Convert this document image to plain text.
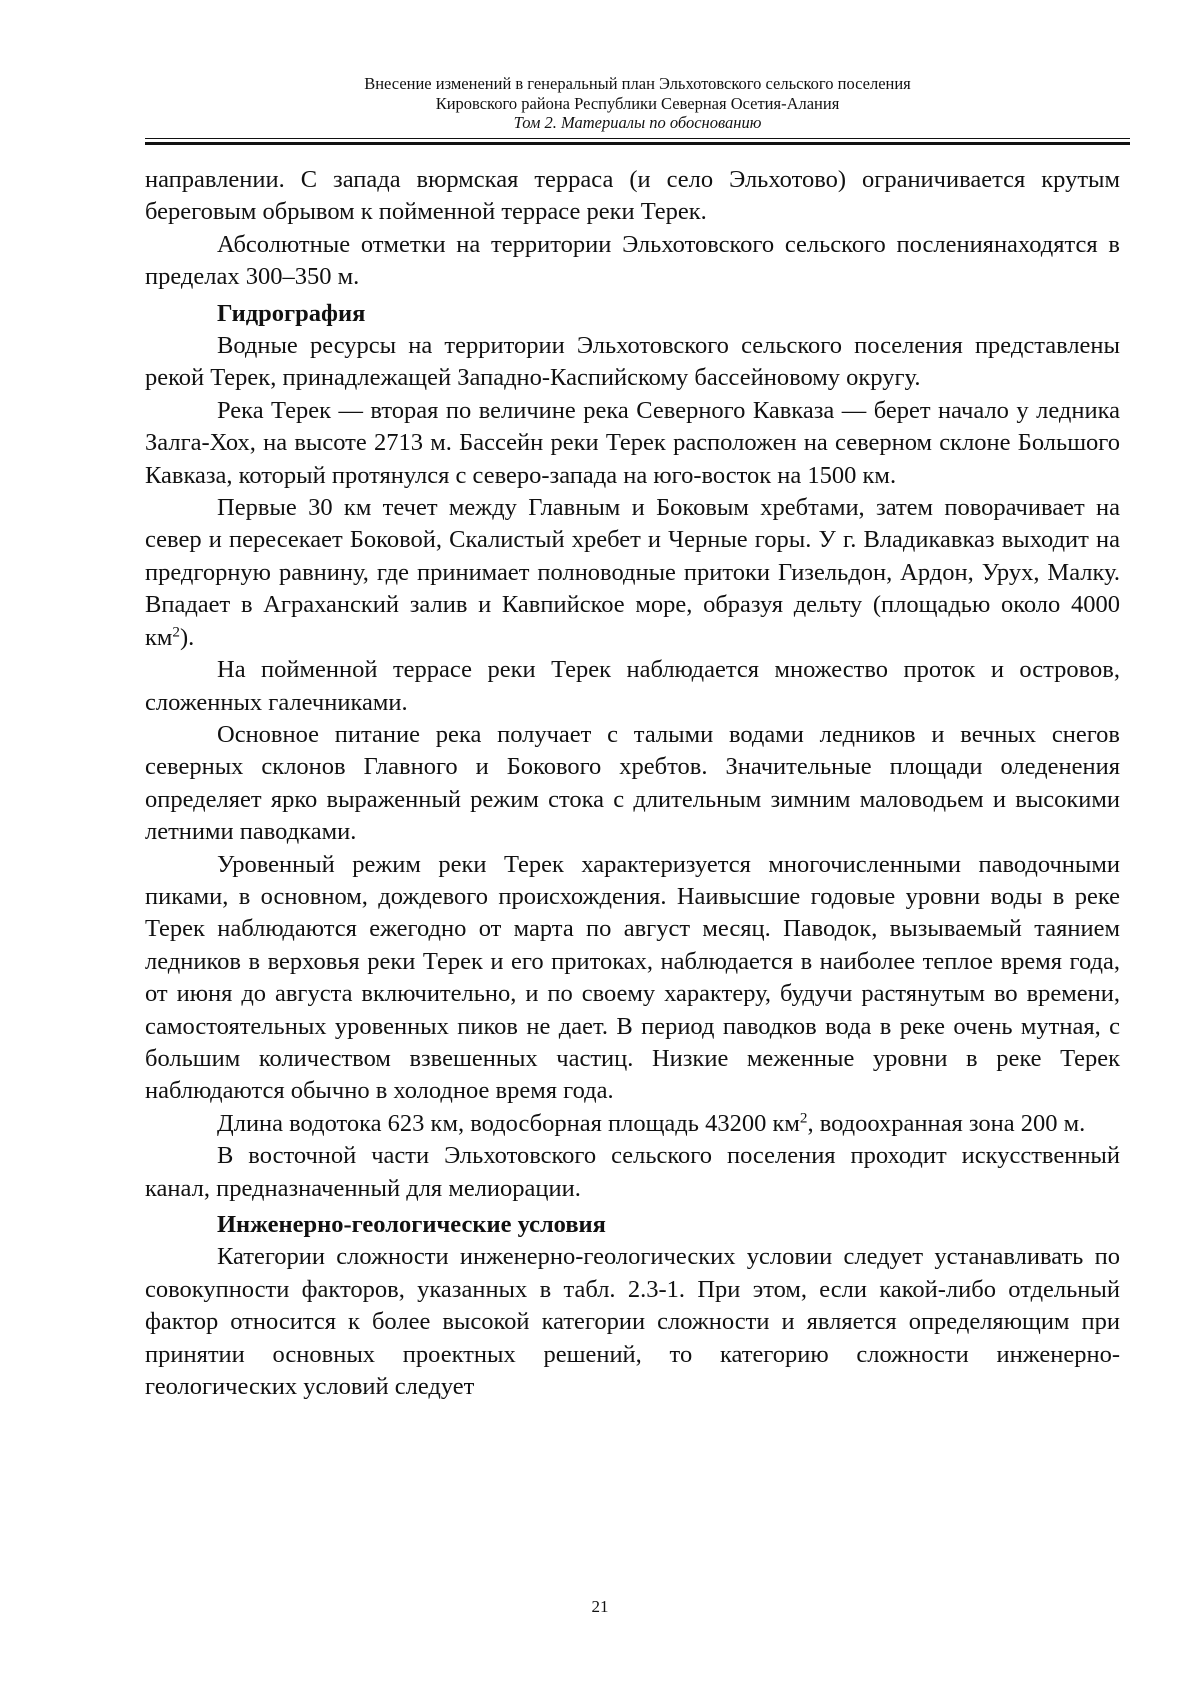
Внесение изменений в генеральный план Эльхотовского сельского поселения
Кировского района Республики Северная Осетия-Алания
Том 2. Материалы по обоснованию

направлении. С запада вюрмская терраса (и село Эльхотово) ограничивается крутым береговым обрывом к пойменной террасе реки Терек.

Абсолютные отметки на территории Эльхотовского сельского послениянаходятся в пределах 300–350 м.

Гидрография

Водные ресурсы на территории Эльхотовского сельского поселения представлены рекой Терек, принадлежащей Западно-Каспийскому бассейновому округу.

Река Терек — вторая по величине река Северного Кавказа — берет начало у ледника Залга-Хох, на высоте 2713 м. Бассейн реки Терек расположен на северном склоне Большого Кавказа, который протянулся с северо-запада на юго-восток на 1500 км.

Первые 30 км течет между Главным и Боковым хребтами, затем поворачивает на север и пересекает Боковой, Скалистый хребет и Черные горы. У г. Владикавказ выходит на предгорную равнину, где принимает полноводные притоки Гизельдон, Ардон, Урух, Малку. Впадает в Аграханский залив и Кавпийское море, образуя дельту (площадью около 4000 $км^2$).

На пойменной террасе реки Терек наблюдается множество проток и островов, сложенных галечниками.

Основное питание река получает с талыми водами ледников и вечных снегов северных склонов Главного и Бокового хребтов. Значительные площади оледенения определяет ярко выраженный режим стока с длительным зимним маловодьем и высокими летними паводками.

Уровенный режим реки Терек характеризуется многочисленными паводочными пиками, в основном, дождевого происхождения. Наивысшие годовые уровни воды в реке Терек наблюдаются ежегодно от марта по август месяц. Паводок, вызываемый таянием ледников в верховья реки Терек и его притоках, наблюдается в наиболее теплое время года, от июня до августа включительно, и по своему характеру, будучи растянутым во времени, самостоятельных уровенных пиков не дает. В период паводков вода в реке очень мутная, с большим количеством взвешенных частиц. Низкие меженные уровни в реке Терек наблюдаются обычно в холодное время года.

Длина водотока 623 км, водосборная площадь 43200 $км^2$, водоохранная зона 200 м.

В восточной части Эльхотовского сельского поселения проходит искусственный канал, предназначенный для мелиорации.

Инженерно-геологические условия

Категории сложности инженерно-геологических условии следует устанавливать по совокупности факторов, указанных в табл. 2.3-1. При этом, если какой-либо отдельный фактор относится к более высокой категории сложности и является определяющим при принятии основных проектных решений, то категорию сложности инженерно-геологических условий следует

21
